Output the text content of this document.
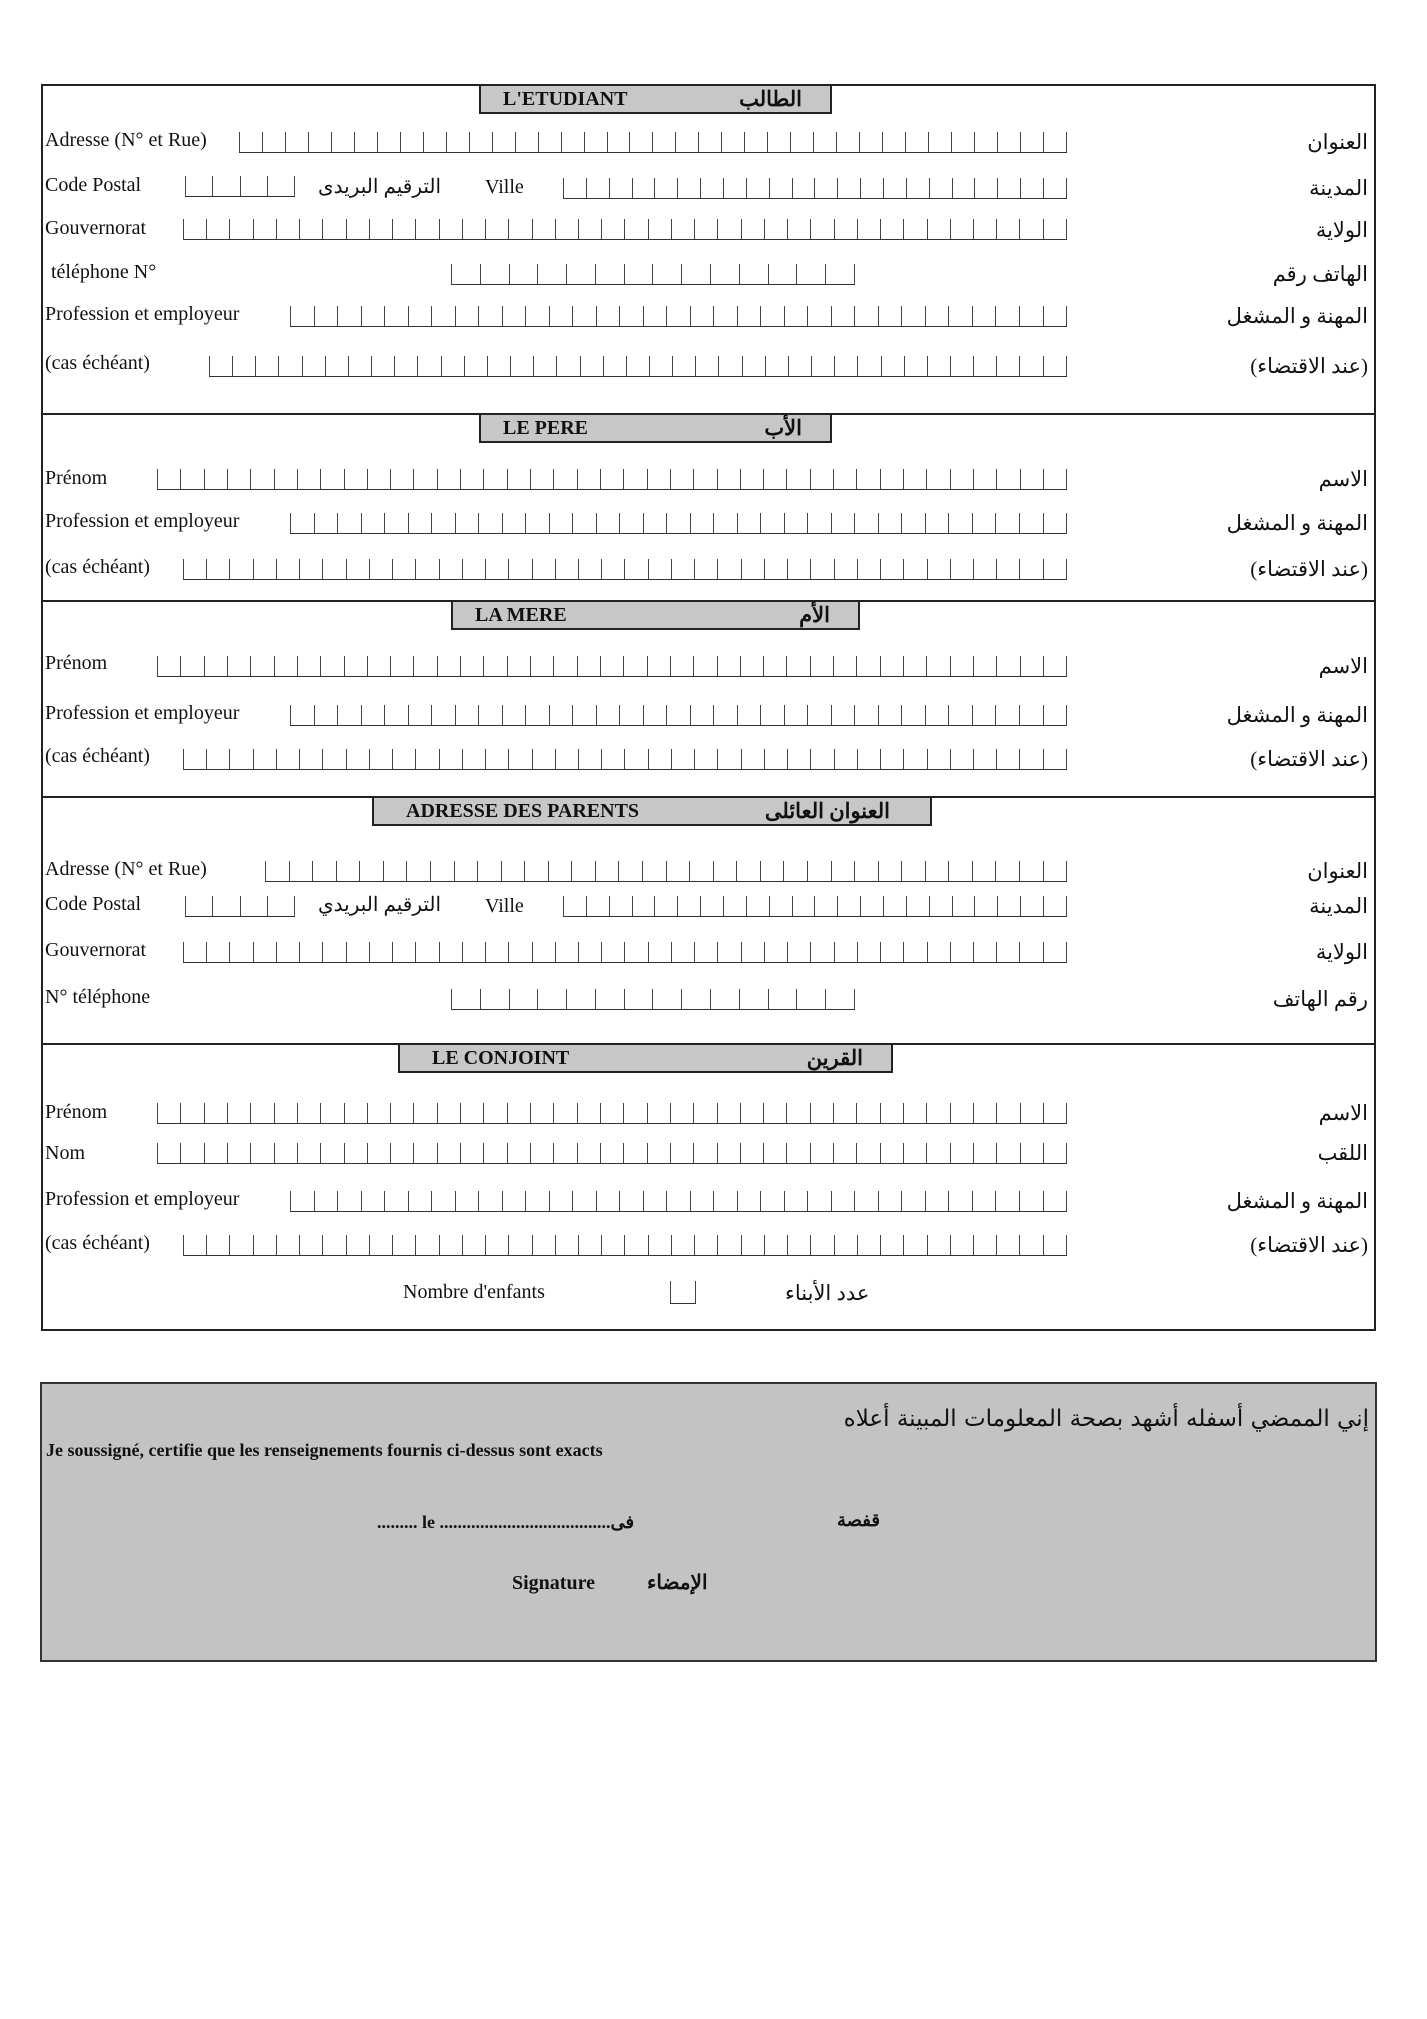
L'ETUDIANT	الطالب
Adresse (N° et Rue)	العنوان
Code Postal	الترقيم البريدى Ville	المدينة
Gouvernorat	الولاية
téléphone N°	الهاتف رقم
Profession et employeur	المهنة و المشغل
(cas échéant)	(عند الاقتضاء)
LE PERE	الأب
Prénom	الاسم
Profession et employeur	المهنة و المشغل
(cas échéant)	(عند الاقتضاء)
LA MERE	الأم
Prénom	الاسم
Profession et employeur	المهنة و المشغل
(cas échéant)	(عند الاقتضاء)
ADRESSE DES PARENTS	العنوان العائلى
Adresse (N° et Rue)	العنوان
Code Postal	الترقيم البريدي Ville	المدينة
Gouvernorat	الولاية
N° téléphone	رقم الهاتف
LE CONJOINT	القرين
Prénom	الاسم
Nom	اللقب
Profession et employeur	المهنة و المشغل
(cas échéant)	(عند الاقتضاء)
Nombre d'enfants	عدد الأبناء
إني الممضي أسفله أشهد بصحة المعلومات المبينة أعلاه
Je soussigné, certifie que les renseignements fournis ci-dessus sont exacts
......... le ......................................فى	قفصة
Signature	الإمضاء
